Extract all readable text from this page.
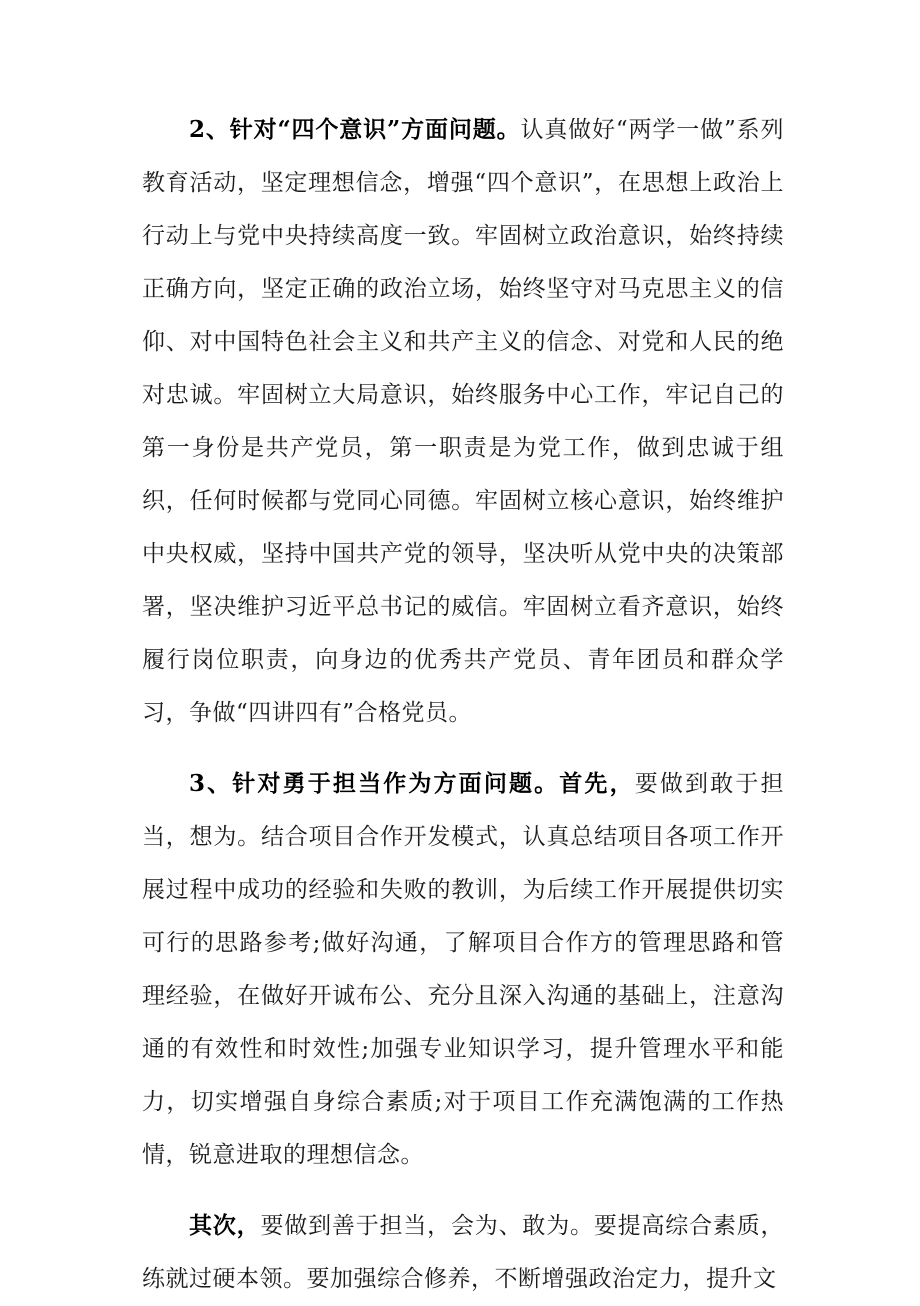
2、针对“四个意识”方面问题。认真做好“两学一做”系列教育活动，坚定理想信念，增强“四个意识”，在思想上政治上行动上与党中央持续高度一致。牢固树立政治意识，始终持续正确方向，坚定正确的政治立场，始终坚守对马克思主义的信仰、对中国特色社会主义和共产主义的信念、对党和人民的绝对忠诚。牢固树立大局意识，始终服务中心工作，牢记自己的第一身份是共产党员，第一职责是为党工作，做到忠诚于组织，任何时候都与党同心同德。牢固树立核心意识，始终维护中央权威，坚持中国共产党的领导，坚决听从党中央的决策部署，坚决维护习近平总书记的威信。牢固树立看齐意识，始终履行岗位职责，向身边的优秀共产党员、青年团员和群众学习，争做“四讲四有”合格党员。

3、针对勇于担当作为方面问题。首先，要做到敢于担当，想为。结合项目合作开发模式，认真总结项目各项工作开展过程中成功的经验和失败的教训，为后续工作开展提供切实可行的思路参考;做好沟通，了解项目合作方的管理思路和管理经验，在做好开诚布公、充分且深入沟通的基础上，注意沟通的有效性和时效性;加强专业知识学习，提升管理水平和能力，切实增强自身综合素质;对于项目工作充满饱满的工作热情，锐意进取的理想信念。

其次，要做到善于担当，会为、敢为。要提高综合素质，练就过硬本领。要加强综合修养，不断增强政治定力，提升文
